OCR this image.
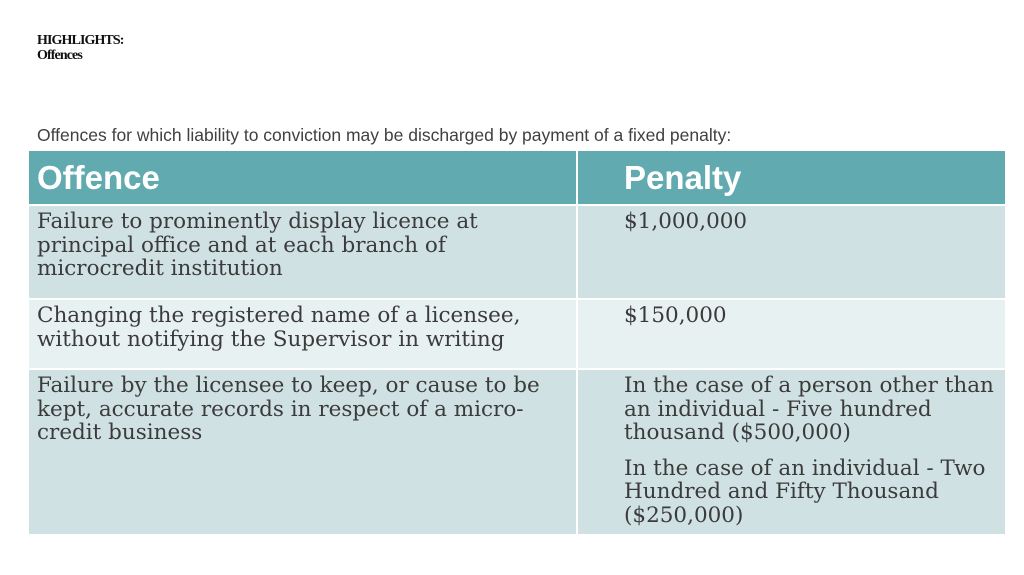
HIGHLIGHTS:
Offences
Offences for which liability to conviction may be discharged by payment of a fixed penalty:
Offence	Penalty
Failure to prominently display licence at principal office and at each branch of microcredit institution	$1,000,000

Changing the registered name of a licensee, without notifying the Supervisor in writing	$150,000

Failure by the licensee to keep, or cause to be kept, accurate records in respect of a micro-credit business	In the case of a person other than an individual - Five hundred thousand ($500,000)

In the case of an individual - Two Hundred and Fifty Thousand ($250,000)
